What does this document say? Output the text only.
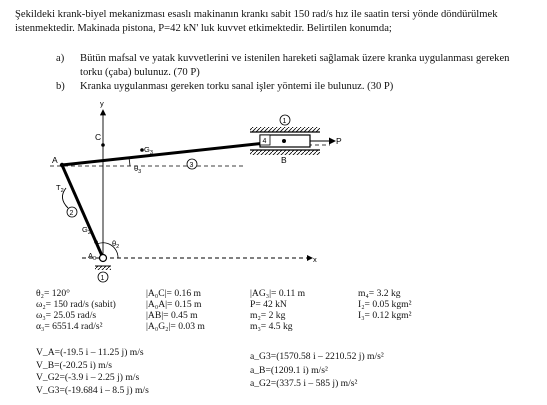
Şekildeki krank-biyel mekanizması esaslı makinanın krankı sabit 150 rad/s hız ile saatin tersi yönde döndürülmek istenmektedir. Makinada pistona, P=42 kN' luk kuvvet etkimektedir. Belirtilen konumda;
a) Bütün mafsal ve yatak kuvvetlerini ve istenilen hareketi sağlamak üzere kranka uygulanması gereken torku (çaba) bulunuz. (70 P)
b) Kranka uygulanması gereken torku sanal işler yöntemi ile bulunuz. (30 P)
y
x
P
A	B
C
$G_3$
$\theta_3$
$\theta_2$
$T_2$
$G_2$
$A_0$
1
4
3
2
1
θ₂= 120°
ω₂= 150 rad/s (sabit)
ω₃= 25.05 rad/s
α₃= 6551.4 rad/s²
|A₀C|= 0.16 m
|A₀A|= 0.15 m
|AB|= 0.45 m
|A₀G₂|= 0.03 m
|AG₃|= 0.11 m
P= 42 kN
m₂= 2 kg
m₃= 4.5 kg
m₄= 3.2 kg
I₂= 0.05 kgm²
I₃= 0.12 kgm²
V_A=(-19.5 i – 11.25 j) m/s
V_B=(-20.25 i) m/s
V_G2=(-3.9 i – 2.25 j) m/s
V_G3=(-19.684 i – 8.5 j) m/s
a_G3=(1570.58 i – 2210.52 j) m/s²
a_B=(1209.1 i) m/s²
a_G2=(337.5 i – 585 j) m/s²
